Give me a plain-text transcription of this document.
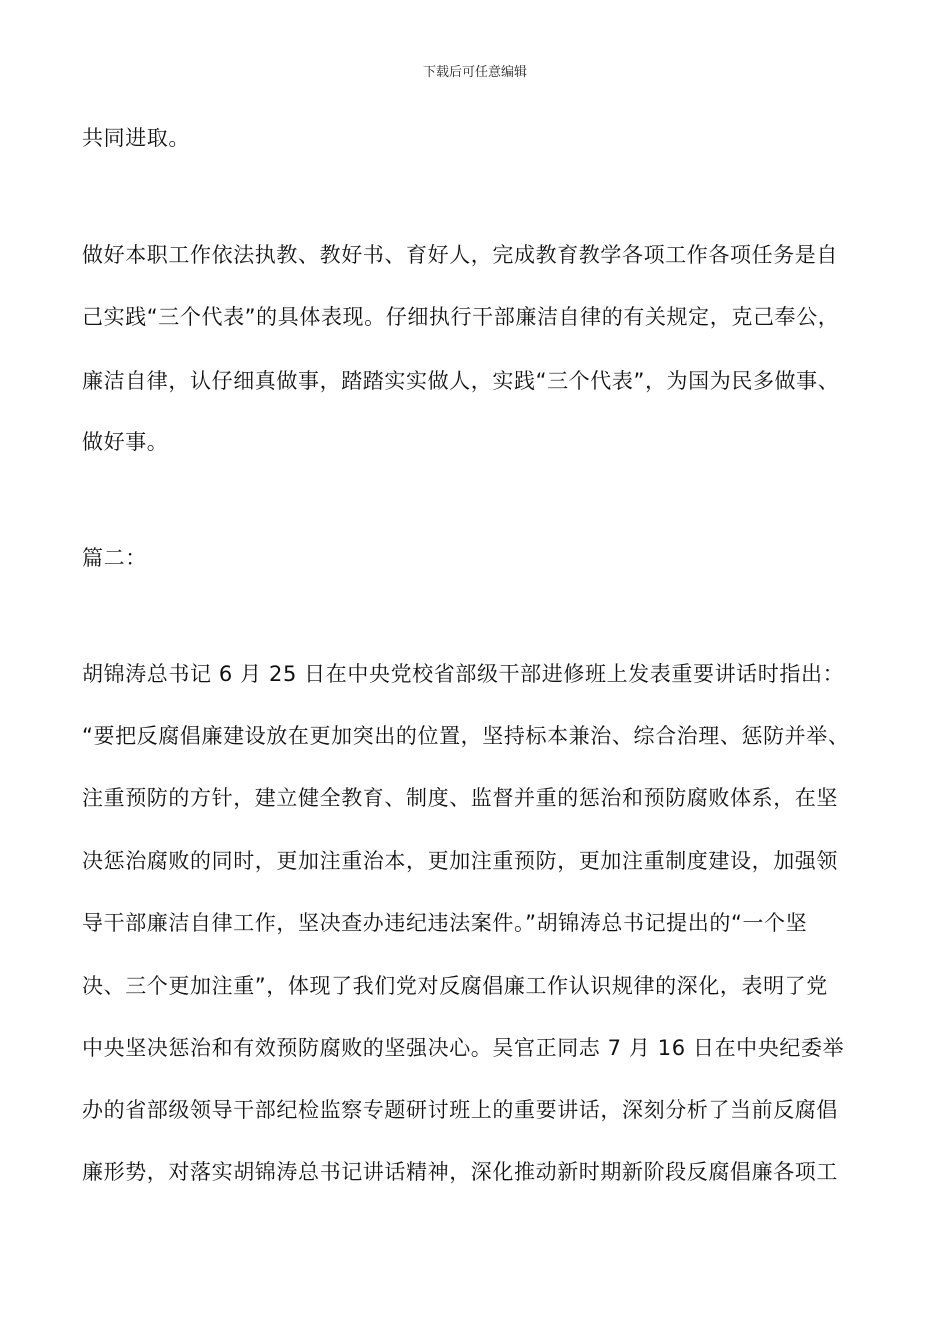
下载后可任意编辑
共同进取。
做好本职工作依法执教、教好书、育好人，完成教育教学各项工作各项任务是自
己实践“三个代表”的具体表现。仔细执行干部廉洁自律的有关规定，克己奉公，
廉洁自律，认仔细真做事，踏踏实实做人，实践“三个代表”，为国为民多做事、
做好事。
篇二：
胡锦涛总书记 6 月 25 日在中央党校省部级干部进修班上发表重要讲话时指出：
“要把反腐倡廉建设放在更加突出的位置，坚持标本兼治、综合治理、惩防并举、
注重预防的方针，建立健全教育、制度、监督并重的惩治和预防腐败体系，在坚
决惩治腐败的同时，更加注重治本，更加注重预防，更加注重制度建设，加强领
导干部廉洁自律工作，坚决查办违纪违法案件。”胡锦涛总书记提出的“一个坚
决、三个更加注重”，体现了我们党对反腐倡廉工作认识规律的深化，表明了党
中央坚决惩治和有效预防腐败的坚强决心。吴官正同志 7 月 16 日在中央纪委举
办的省部级领导干部纪检监察专题研讨班上的重要讲话，深刻分析了当前反腐倡
廉形势，对落实胡锦涛总书记讲话精神，深化推动新时期新阶段反腐倡廉各项工
